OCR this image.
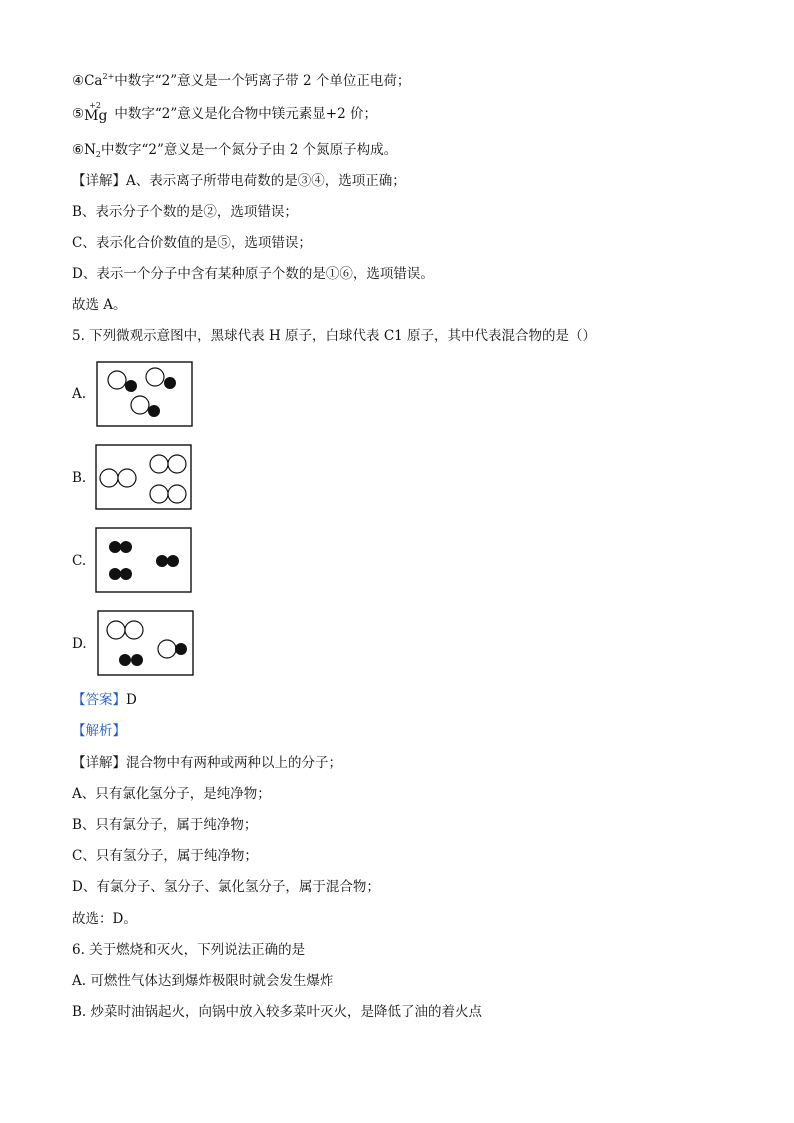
$④Ca^{2+}$中数字“2”意义是一个钙离子带 2 个单位正电荷；
⑤
+2
Mg 中数字“2”意义是化合物中镁元素显+2 价；
$⑥N_2$中数字“2”意义是一个氮分子由 2 个氮原子构成。
【详解】A、表示离子所带电荷数的是③④，选项正确；
B、表示分子个数的是②，选项错误；
C、表示化合价数值的是⑤，选项错误；
D、表示一个分子中含有某种原子个数的是①⑥，选项错误。
故选 A。
5. 下列微观示意图中，黑球代表 H 原子，白球代表 C1 原子，其中代表混合物的是（）
A.
B.
C.
D.
【答案】D
【解析】
【详解】混合物中有两种或两种以上的分子；
A、只有氯化氢分子，是纯净物；
B、只有氯分子，属于纯净物；
C、只有氢分子，属于纯净物；
D、有氯分子、氢分子、氯化氢分子，属于混合物；
故选：D。
6. 关于燃烧和灭火，下列说法正确的是
A. 可燃性气体达到爆炸极限时就会发生爆炸
B. 炒菜时油锅起火，向锅中放入较多菜叶灭火，是降低了油的着火点
